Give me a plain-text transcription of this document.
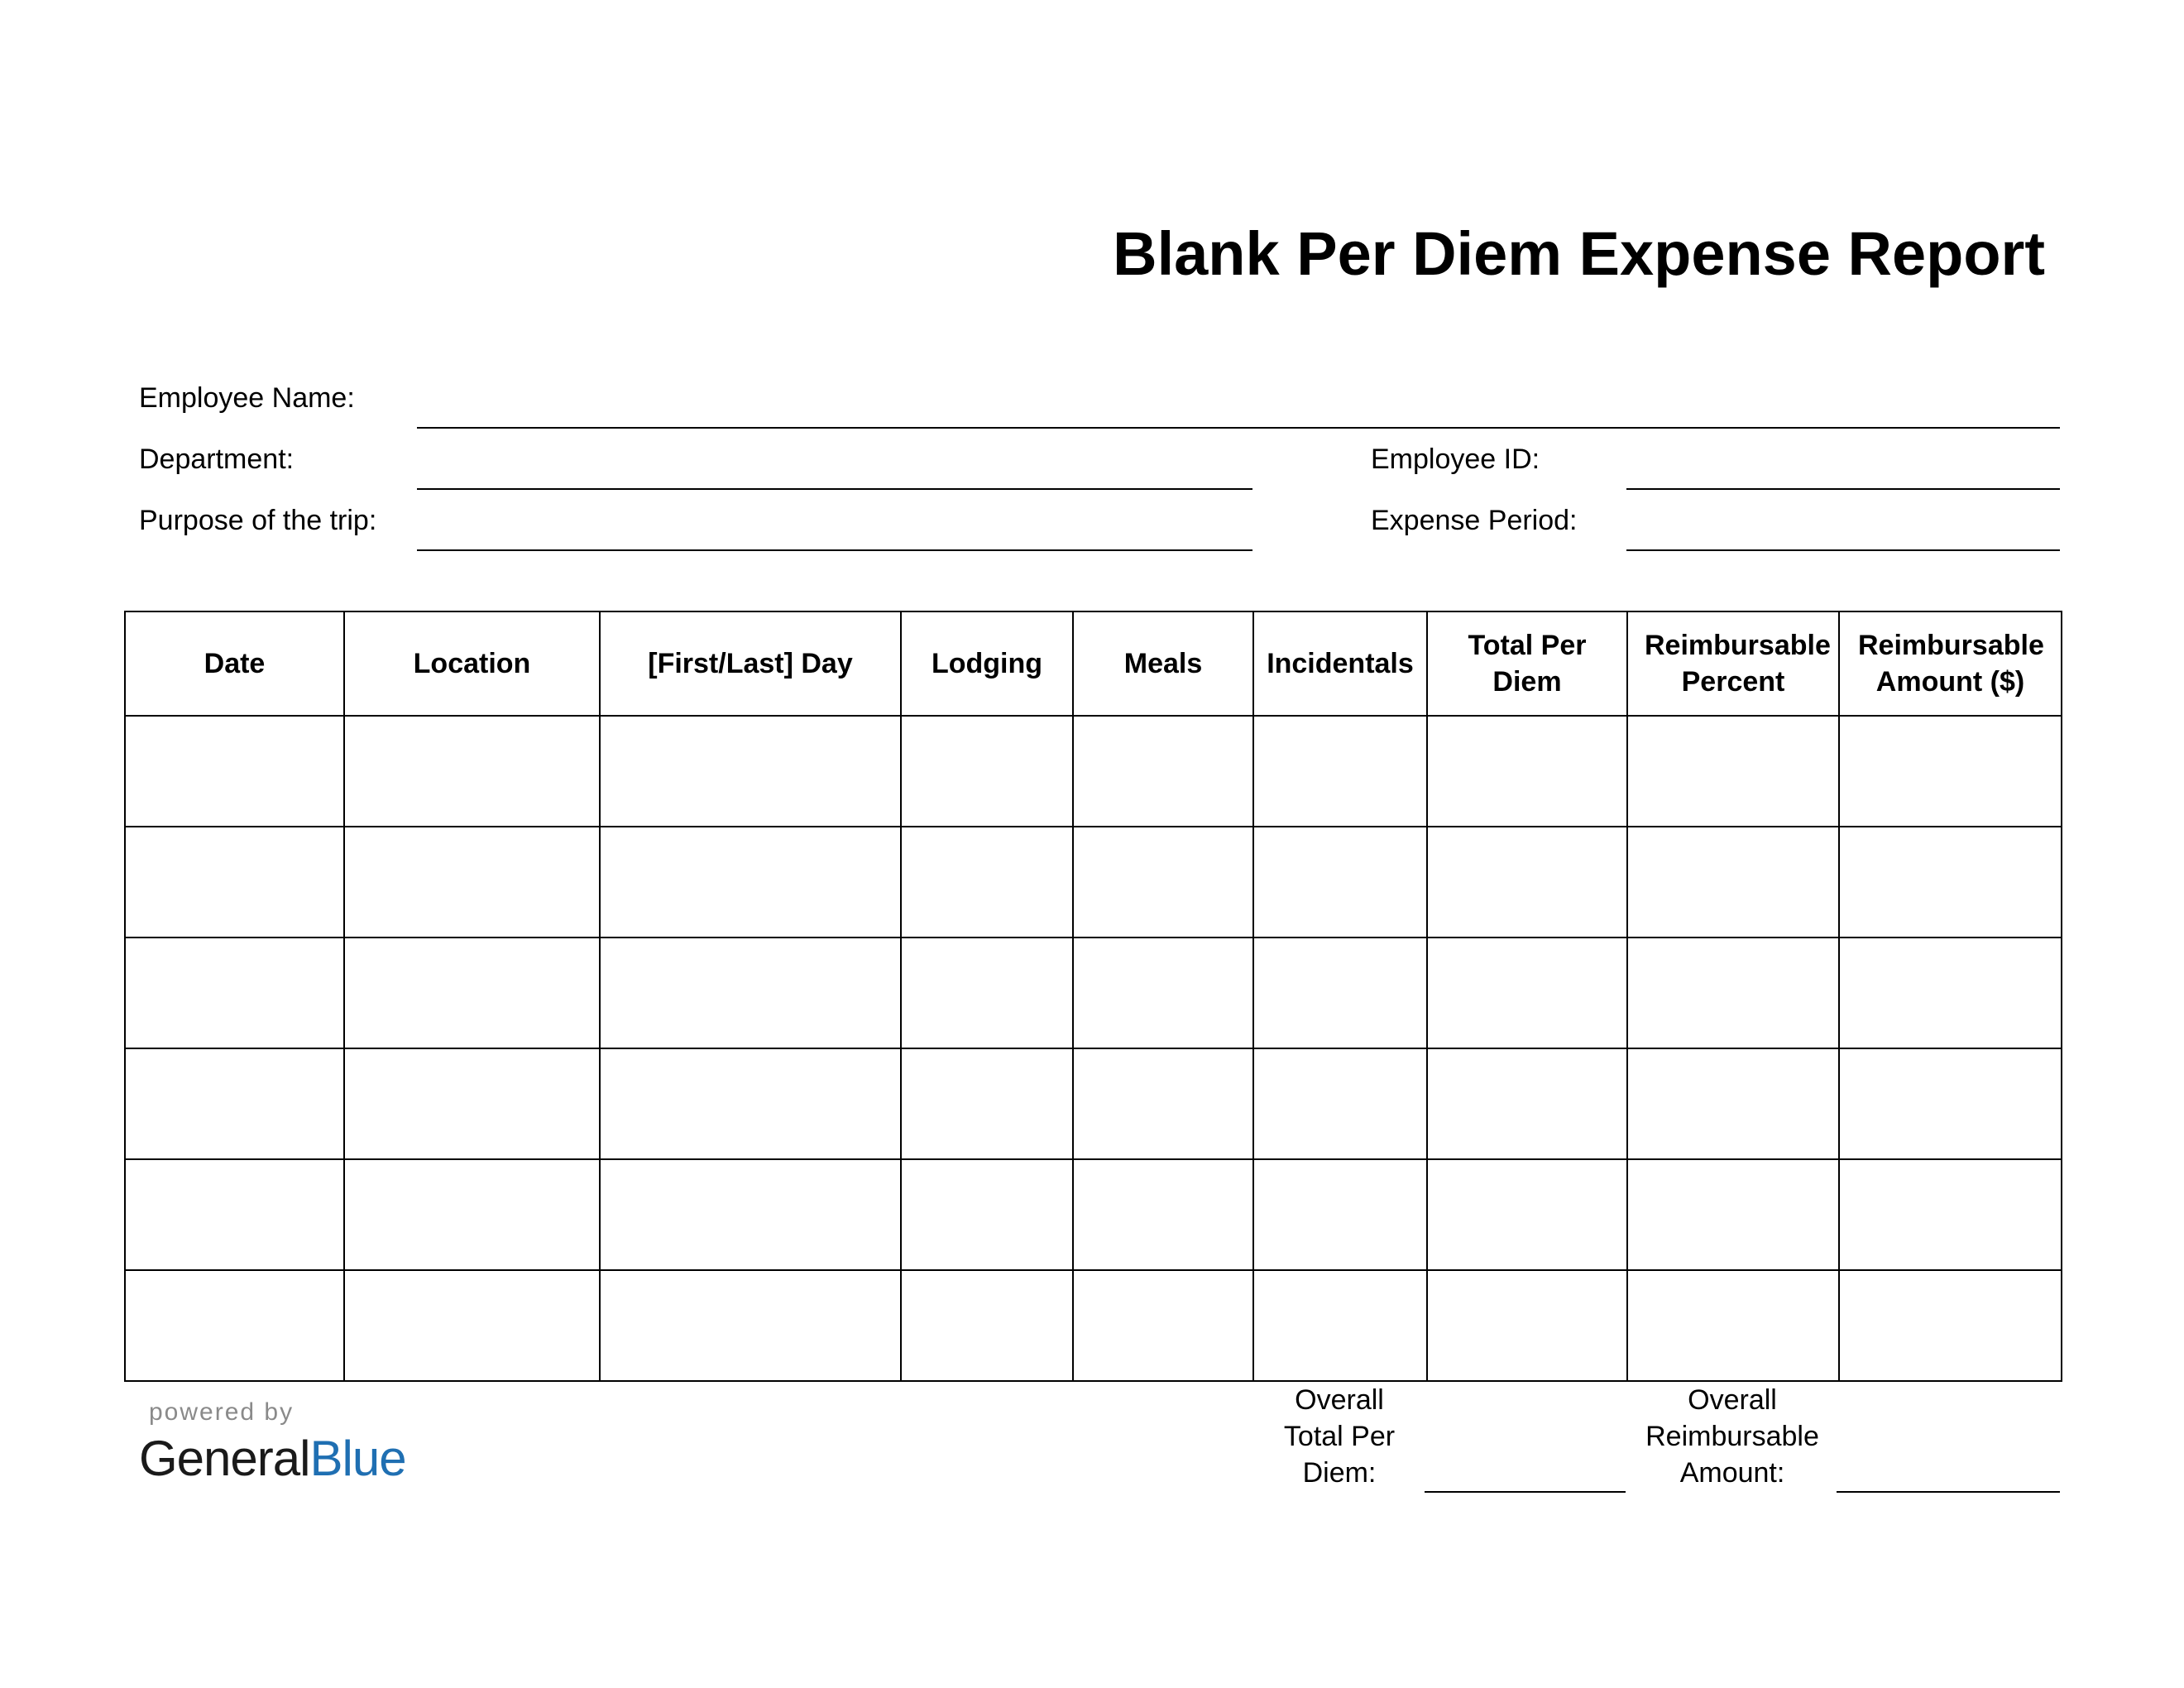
Blank Per Diem Expense Report
Employee Name:
Department:	Employee ID:
Purpose of the trip:	Expense Period:
Date	Location	[First/Last] Day	Lodging	Meals	Incidentals	Total Per Diem	Reimbursable Percent	Reimbursable Amount ($)

Overall
Total Per
Diem:
Overall
Reimbursable
Amount:
powered by
GeneralBlue
